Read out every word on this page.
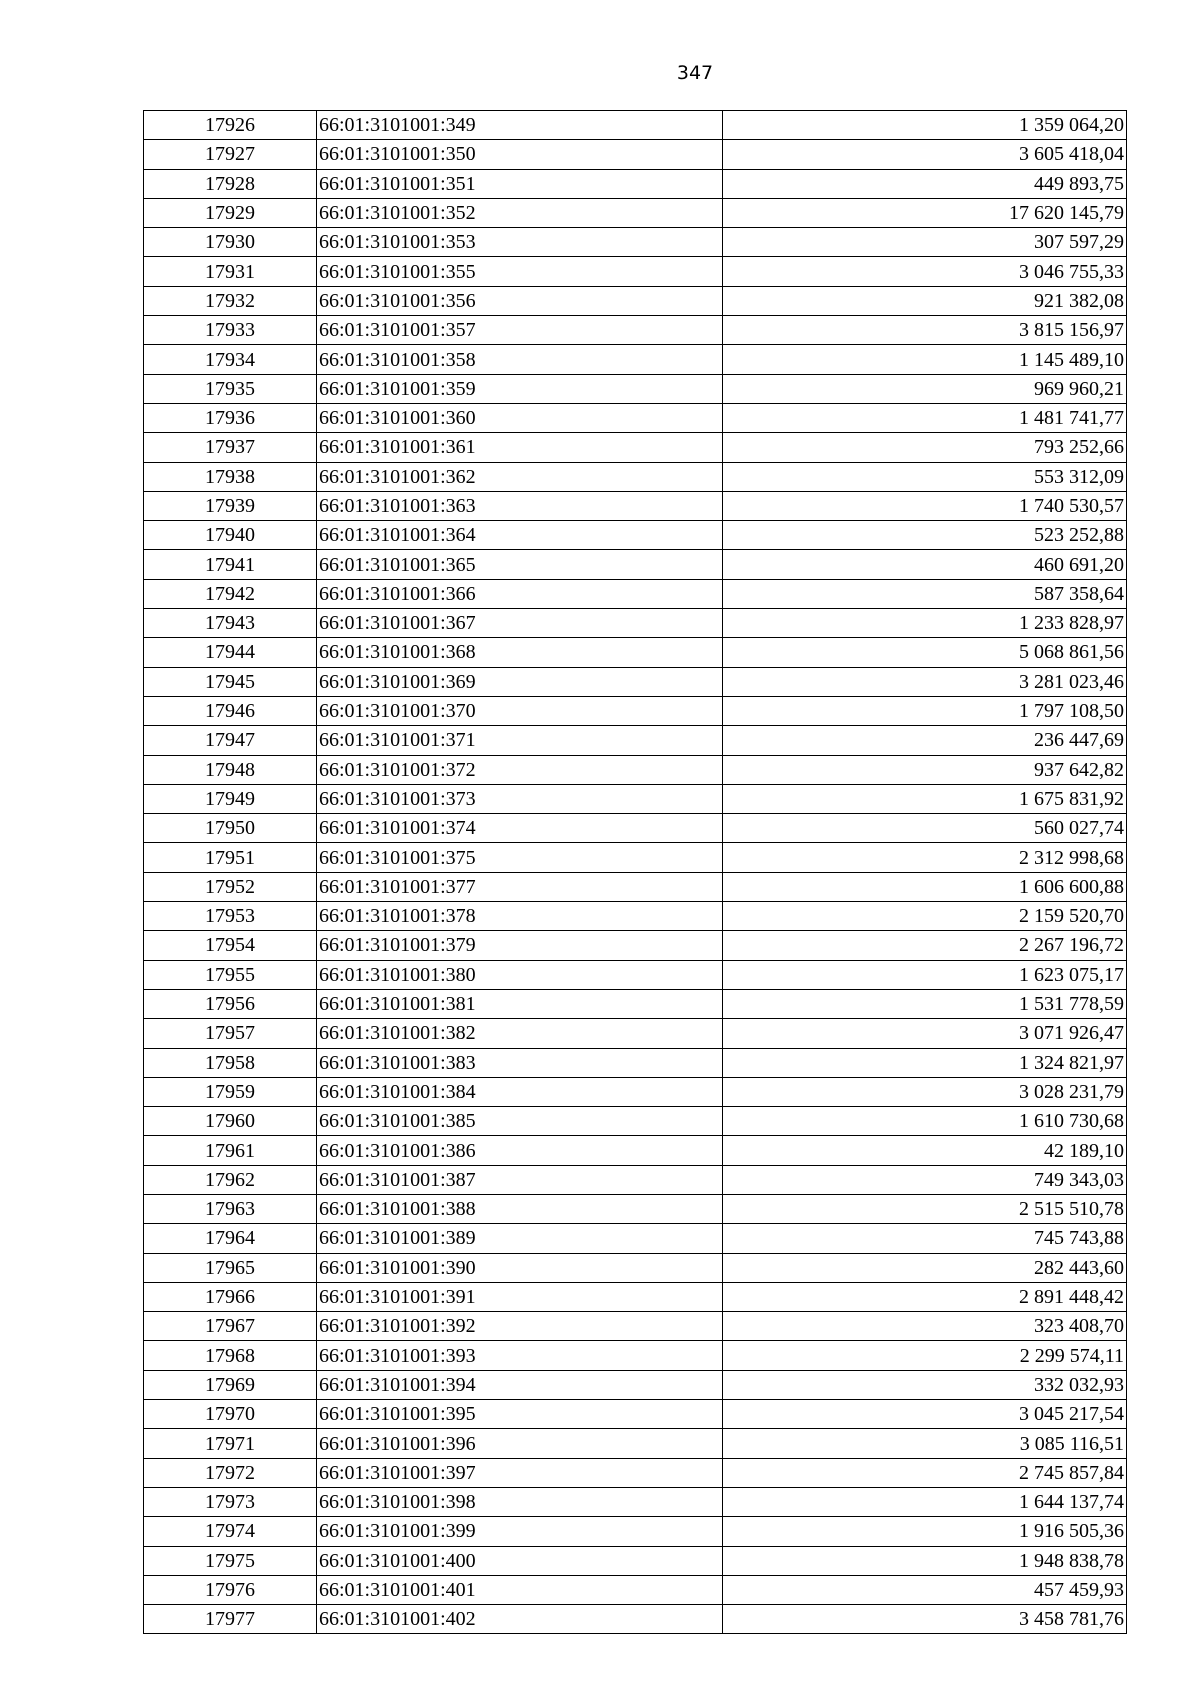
347
17926	66:01:3101001:349	1 359 064,20
17927	66:01:3101001:350	3 605 418,04
17928	66:01:3101001:351	449 893,75
17929	66:01:3101001:352	17 620 145,79
17930	66:01:3101001:353	307 597,29
17931	66:01:3101001:355	3 046 755,33
17932	66:01:3101001:356	921 382,08
17933	66:01:3101001:357	3 815 156,97
17934	66:01:3101001:358	1 145 489,10
17935	66:01:3101001:359	969 960,21
17936	66:01:3101001:360	1 481 741,77
17937	66:01:3101001:361	793 252,66
17938	66:01:3101001:362	553 312,09
17939	66:01:3101001:363	1 740 530,57
17940	66:01:3101001:364	523 252,88
17941	66:01:3101001:365	460 691,20
17942	66:01:3101001:366	587 358,64
17943	66:01:3101001:367	1 233 828,97
17944	66:01:3101001:368	5 068 861,56
17945	66:01:3101001:369	3 281 023,46
17946	66:01:3101001:370	1 797 108,50
17947	66:01:3101001:371	236 447,69
17948	66:01:3101001:372	937 642,82
17949	66:01:3101001:373	1 675 831,92
17950	66:01:3101001:374	560 027,74
17951	66:01:3101001:375	2 312 998,68
17952	66:01:3101001:377	1 606 600,88
17953	66:01:3101001:378	2 159 520,70
17954	66:01:3101001:379	2 267 196,72
17955	66:01:3101001:380	1 623 075,17
17956	66:01:3101001:381	1 531 778,59
17957	66:01:3101001:382	3 071 926,47
17958	66:01:3101001:383	1 324 821,97
17959	66:01:3101001:384	3 028 231,79
17960	66:01:3101001:385	1 610 730,68
17961	66:01:3101001:386	42 189,10
17962	66:01:3101001:387	749 343,03
17963	66:01:3101001:388	2 515 510,78
17964	66:01:3101001:389	745 743,88
17965	66:01:3101001:390	282 443,60
17966	66:01:3101001:391	2 891 448,42
17967	66:01:3101001:392	323 408,70
17968	66:01:3101001:393	2 299 574,11
17969	66:01:3101001:394	332 032,93
17970	66:01:3101001:395	3 045 217,54
17971	66:01:3101001:396	3 085 116,51
17972	66:01:3101001:397	2 745 857,84
17973	66:01:3101001:398	1 644 137,74
17974	66:01:3101001:399	1 916 505,36
17975	66:01:3101001:400	1 948 838,78
17976	66:01:3101001:401	457 459,93
17977	66:01:3101001:402	3 458 781,76
